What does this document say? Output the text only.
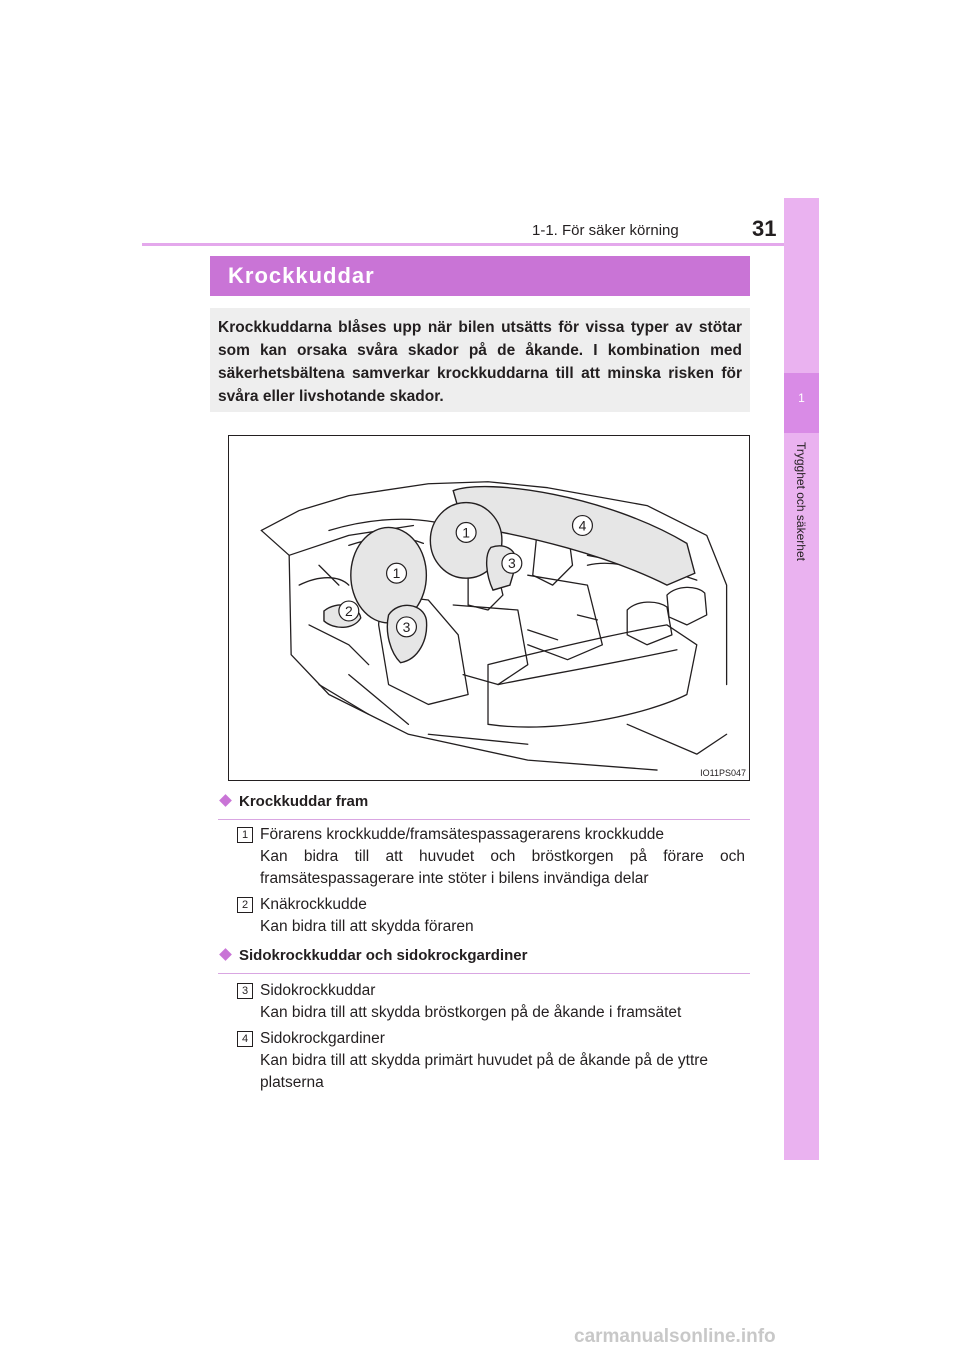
1-1. För säker körning	31
1
Trygghet och säkerhet
Krockkuddar
Krockkuddarna blåses upp när bilen utsätts för vissa typer av stötar som kan orsaka svåra skador på de åkande. I kombination med säkerhetsbältena samverkar krockkuddarna till att minska risken för svåra eller livshotande skador.
1
1
2
3
3
4
IO11PS047
Krockkuddar fram
1 Förarens krockkudde/framsätespassagerarens krockkudde
Kan bidra till att huvudet och bröstkorgen på förare och framsätespassagerare inte stöter i bilens invändiga delar
2 Knäkrockkudde
Kan bidra till att skydda föraren
Sidokrockkuddar och sidokrockgardiner
3 Sidokrockkuddar
Kan bidra till att skydda bröstkorgen på de åkande i framsätet
4 Sidokrockgardiner
Kan bidra till att skydda primärt huvudet på de åkande på de yttre platserna
carmanualsonline.info
